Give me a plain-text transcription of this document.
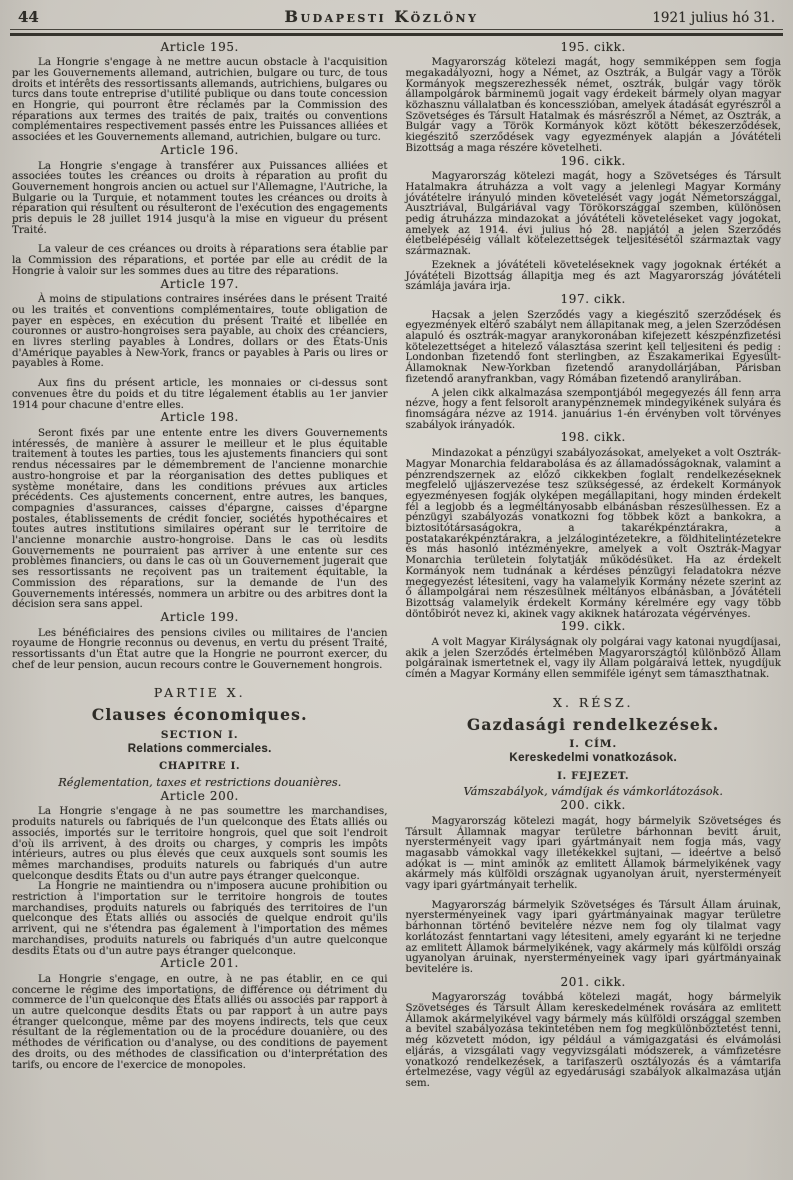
44	Budapesti Közlöny	1921 julius hó 31.
Article 195.

La Hongrie s'engage à ne mettre aucun obstacle à l'acquisition par les Gouvernements allemand, autrichien, bulgare ou turc, de tous droits et intérêts des ressortissants allemands, autrichiens, bulgares ou turcs dans toute entreprise d'utilité publique ou dans toute concession en Hongrie, qui pourront être réclamés par la Commission des réparations aux termes des traités de paix, traités ou conventions complémentaires respectivement passés entre les Puissances alliées et associées et les Gouvernements allemand, autrichien, bulgare ou turc.

Article 196.

La Hongrie s'engage à transférer aux Puissances alliées et associées toutes les créances ou droits à réparation au profit du Gouvernement hongrois ancien ou actuel sur l'Allemagne, l'Autriche, la Bulgarie ou la Turquie, et notamment toutes les créances ou droits à réparation qui résultent ou résulteront de l'exécution des engagements pris depuis le 28 juillet 1914 jusqu'à la mise en vigueur du présent Traité.

La valeur de ces créances ou droits à réparations sera établie par la Commission des réparations, et portée par elle au crédit de la Hongrie à valoir sur les sommes dues au titre des réparations.

Article 197.

À moins de stipulations contraires insérées dans le présent Traité ou les traités et conventions complémentaires, toute obligation de payer en espèces, en exécution du présent Traité et libellée en couronnes or austro-hongroises sera payable, au choix des créanciers, en livres sterling payables à Londres, dollars or des États-Unis d'Amérique payables à New-York, francs or payables à Paris ou lires or payables à Rome.

Aux fins du présent article, les monnaies or ci-dessus sont convenues être du poids et du titre légalement établis au 1er janvier 1914 pour chacune d'entre elles.

Article 198.

Seront fixés par une entente entre les divers Gouvernements intéressés, de manière à assurer le meilleur et le plus équitable traitement à toutes les parties, tous les ajustements financiers qui sont rendus nécessaires par le démembrement de l'ancienne monarchie austro-hongroise et par la réorganisation des dettes publiques et système monétaire, dans les conditions prévues aux articles précédents. Ces ajustements concernent, entre autres, les banques, compagnies d'assurances, caisses d'épargne, caisses d'épargne postales, établissements de crédit foncier, sociétés hypothécaires et toutes autres institutions similaires opérant sur le territoire de l'ancienne monarchie austro-hongroise. Dans le cas où lesdits Gouvernements ne pourraient pas arriver à une entente sur ces problèmes financiers, ou dans le cas où un Gouvernement jugerait que ses ressortissants ne reçoivent pas un traitement équitable, la Commission des réparations, sur la demande de l'un des Gouvernements intéressés, nommera un arbitre ou des arbitres dont la décision sera sans appel.

Article 199.

Les bénéficiaires des pensions civiles ou militaires de l'ancien royaume de Hongrie reconnus ou devenus, en vertu du présent Traité, ressortissants d'un État autre que la Hongrie ne pourront exercer, du chef de leur pension, aucun recours contre le Gouvernement hongrois.

PARTIE X.
Clauses économiques.
SECTION I.
Relations commerciales.
CHAPITRE I.
Réglementation, taxes et restrictions douanières.
Article 200.

La Hongrie s'engage à ne pas soumettre les marchandises, produits naturels ou fabriqués de l'un quelconque des États alliés ou associés, importés sur le territoire hongrois, quel que soit l'endroit d'où ils arrivent, à des droits ou charges, y compris les impôts intérieurs, autres ou plus élevés que ceux auxquels sont soumis les mêmes marchandises, produits naturels ou fabriqués d'un autre quelconque desdits États ou d'un autre pays étranger quelconque.

La Hongrie ne maintiendra ou n'imposera aucune prohibition ou restriction à l'importation sur le territoire hongrois de toutes marchandises, produits naturels ou fabriqués des territoires de l'un quelconque des États alliés ou associés de quelque endroit qu'ils arrivent, qui ne s'étendra pas également à l'importation des mêmes marchandises, produits naturels ou fabriqués d'un autre quelconque desdits États ou d'un autre pays étranger quelconque.

Article 201.

La Hongrie s'engage, en outre, à ne pas établir, en ce qui concerne le régime des importations, de différence ou détriment du commerce de l'un quelconque des États alliés ou associés par rapport à un autre quelconque desdits États ou par rapport à un autre pays étranger quelconque, même par des moyens indirects, tels que ceux résultant de la réglementation ou de la procédure douanière, ou des méthodes de vérification ou d'analyse, ou des conditions de payement des droits, ou des méthodes de classification ou d'interprétation des tarifs, ou encore de l'exercice de monopoles.

195. cikk.

Magyarország kötelezi magát, hogy semmiképpen sem fogja megakadályozni, hogy a Német, az Osztrák, a Bulgár vagy a Török Kormányok megszerezhessék német, osztrák, bulgár vagy török állampolgárok bárminemü jogait vagy érdekeit bármely olyan magyar közhasznu vállalatban és koncesszióban, amelyek átadását egyrészről a Szövetséges és Társult Hatalmak és másrészről a Német, az Osztrák, a Bulgár vagy a Török Kormányok közt kötött békeszerződések, kiegészitő szerződések vagy egyezmények alapján a Jóvátételi Bizottság a maga részére követelheti.

196. cikk.

Magyarország kötelezi magát, hogy a Szövetséges és Társult Hatalmakra átruházza a volt vagy a jelenlegi Magyar Kormány jóvátételre irányuló minden követelését vagy jogát Németországgal, Ausztriával, Bulgáriával vagy Törökországgal szemben, különösen pedig átruházza mindazokat a jóvátételi követeléseket vagy jogokat, amelyek az 1914. évi julius hó 28. napjától a jelen Szerződés életbelépéséig vállalt kötelezettségek teljesitésétől származtak vagy származnak.

Ezeknek a jóvátételi követeléseknek vagy jogoknak értékét a Jóvátételi Bizottság állapitja meg és azt Magyarország jóvátételi számlája javára irja.

197. cikk.

Hacsak a jelen Szerződés vagy a kiegészitő szerződések és egyezmények eltérő szabályt nem állapitanak meg, a jelen Szerződésen alapuló és osztrák-magyar aranykoronában kifejezett készpénzfizetési kötelezettséget a hitelező választása szerint kell teljesiteni és pedig : Londonban fizetendő font sterlingben, az Északamerikai Egyesült-Államoknak New-Yorkban fizetendő aranydollárjában, Párisban fizetendő aranyfrankban, vagy Rómában fizetendő aranylirában.

A jelen cikk alkalmazása szempontjából megegyezés áll fenn arra nézve, hogy a fent felsorolt aranypénznemek mindegyikének sulyára és finomságára nézve az 1914. januárius 1-én érvényben volt törvényes szabályok irányadók.

198. cikk.

Mindazokat a pénzügyi szabályozásokat, amelyeket a volt Osztrák-Magyar Monarchia feldarabolása és az államadósságoknak, valamint a pénzrendszernek az előző cikkekben foglalt rendelkezéseknek megfelelő ujjászervezése tesz szükségessé, az érdekelt Kormányok egyezményesen fogják olyképen megállapitani, hogy minden érdekelt fél a legjobb és a legméltányosabb elbánásban részesülhessen. Ez a pénzügyi szabályozás vonatkozni fog többek közt a bankokra, a biztositótársaságokra, a takarékpénztárakra, a postatakarékpénztárakra, a jelzálogintézetekre, a földhitelintézetekre és más hasonló intézményekre, amelyek a volt Osztrák-Magyar Monarchia területein folytatják működésüket. Ha az érdekelt Kormányok nem tudnának a kérdéses pénzügyi feladatokra nézve megegyezést létesiteni, vagy ha valamelyik Kormány nézete szerint az ő állampolgárai nem részesülnek méltányos elbánásban, a Jóvátételi Bizottság valamelyik érdekelt Kormány kérelmére egy vagy több döntőbirót nevez ki, akinek vagy akiknek határozata végérvényes.

199. cikk.

A volt Magyar Királyságnak oly polgárai vagy katonai nyugdíjasai, akik a jelen Szerződés értelmében Magyarországtól különböző Állam polgárainak ismertetnek el, vagy ily Állam polgáraivá lettek, nyugdíjuk címén a Magyar Kormány ellen semmiféle igényt sem támaszthatnak.

X. RÉSZ.
Gazdasági rendelkezések.
I. CÍM.
Kereskedelmi vonatkozások.
I. FEJEZET.
Vámszabályok, vámdíjak és vámkorlátozások.
200. cikk.

Magyarország kötelezi magát, hogy bármelyik Szövetséges és Társult Államnak magyar területre bárhonnan bevitt áruit, nyersterményeit vagy ipari gyártmányait nem fogja más, vagy magasabb vámokkal vagy illetékekkel sujtani, — ideértve a belső adókat is — mint aminők az emlitett Államok bármelyikének vagy akármely más külföldi országnak ugyanolyan áruit, nyersterményeit vagy ipari gyártmányait terhelik.

Magyarország bármelyik Szövetséges és Társult Állam áruinak, nyersterményeinek vagy ipari gyártmányainak magyar területre bárhonnan történő bevitelére nézve nem fog oly tilalmat vagy korlátozást fenntartani vagy létesiteni, amely egyaránt ki ne terjedne az emlitett Államok bármelyikének, vagy akármely más külföldi ország ugyanolyan áruinak, nyersterményeinek vagy ipari gyártmányainak bevitelére is.

201. cikk.

Magyarország továbbá kötelezi magát, hogy bármelyik Szövetséges és Társult Állam kereskedelmének rovására az emlitett Államok akármelyikével vagy bármely más külföldi országgal szemben a bevitel szabályozása tekintetében nem fog megkülönböztetést tenni, még közvetett módon, igy például a vámigazgatási és elvámolási eljárás, a vizsgálati vagy vegyvizsgálati módszerek, a vámfizetésre vonatkozó rendelkezések, a tarifaszerü osztályozás és a vámtarifa értelmezése, vagy végül az egyedárusági szabályok alkalmazása utján sem.
